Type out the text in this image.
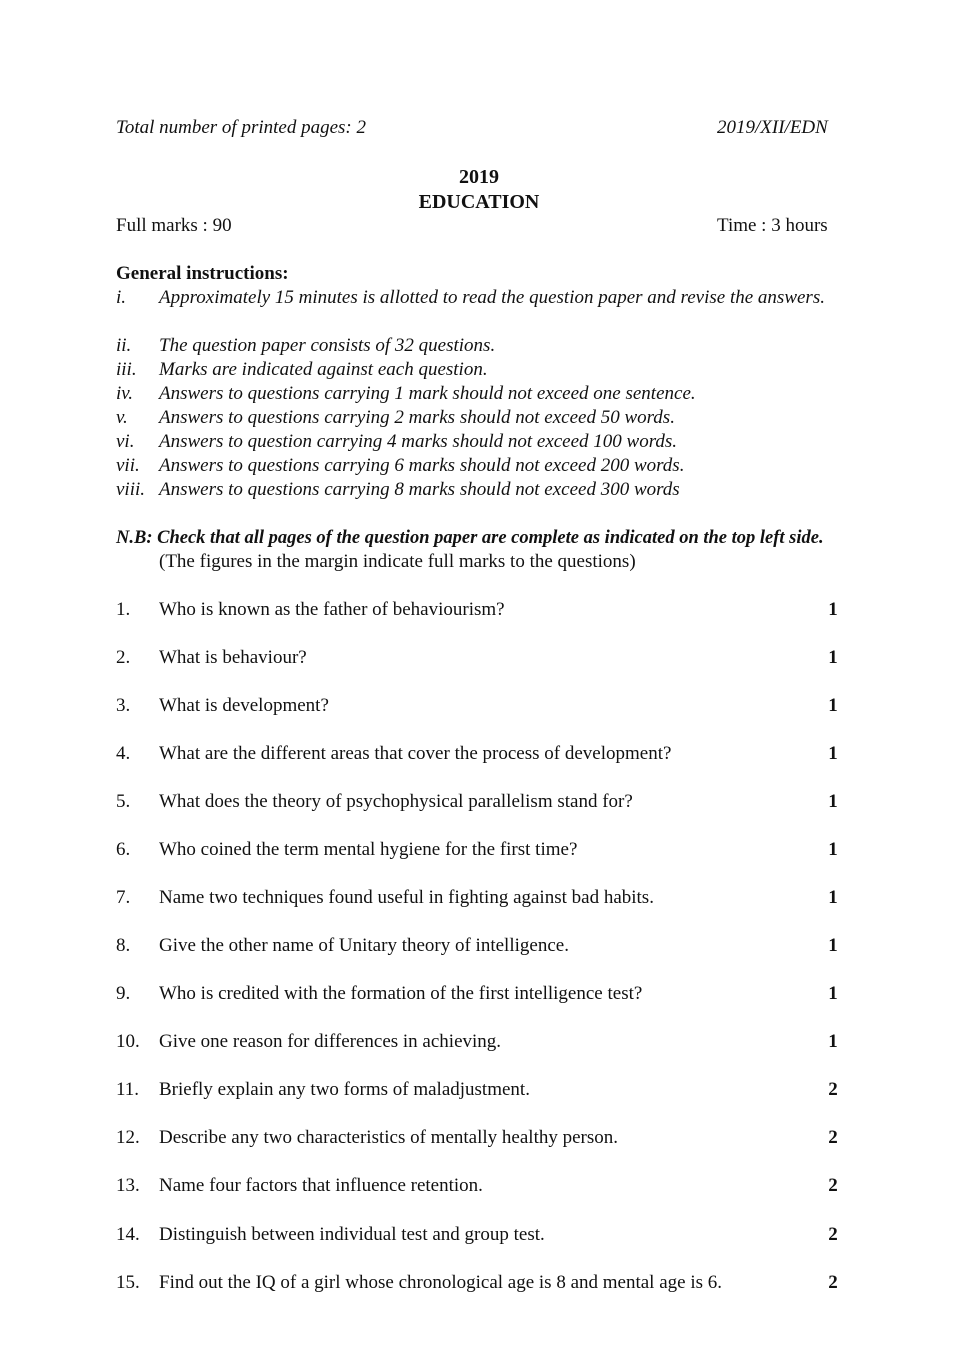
Total number of printed pages: 2	2019/XII/EDN
2019
EDUCATION
Full marks : 90	Time : 3 hours
General instructions:
i. Approximately 15 minutes is allotted to read the question paper and revise the answers.
ii. The question paper consists of 32 questions.
iii. Marks are indicated against each question.
iv. Answers to questions carrying 1 mark should not exceed one sentence.
v. Answers to questions carrying 2 marks should not exceed 50 words.
vi. Answers to question carrying 4 marks should not exceed 100 words.
vii. Answers to questions carrying 6 marks should not exceed 200 words.
viii. Answers to questions carrying 8 marks should not exceed 300 words
N.B: Check that all pages of the question paper are complete as indicated on the top left side.
(The figures in the margin indicate full marks to the questions)
1. Who is known as the father of behaviourism?	1
2. What is behaviour?	1
3. What is development?	1
4. What are the different areas that cover the process of development?	1
5. What does the theory of psychophysical parallelism stand for?	1
6. Who coined the term mental hygiene for the first time?	1
7. Name two techniques found useful in fighting against bad habits.	1
8. Give the other name of Unitary theory of intelligence.	1
9. Who is credited with the formation of the first intelligence test?	1
10. Give one reason for differences in achieving.	1
11. Briefly explain any two forms of maladjustment.	2
12. Describe any two characteristics of mentally healthy person.	2
13. Name four factors that influence retention.	2
14. Distinguish between individual test and group test.	2
15. Find out the IQ of a girl whose chronological age is 8 and mental age is 6.	2
